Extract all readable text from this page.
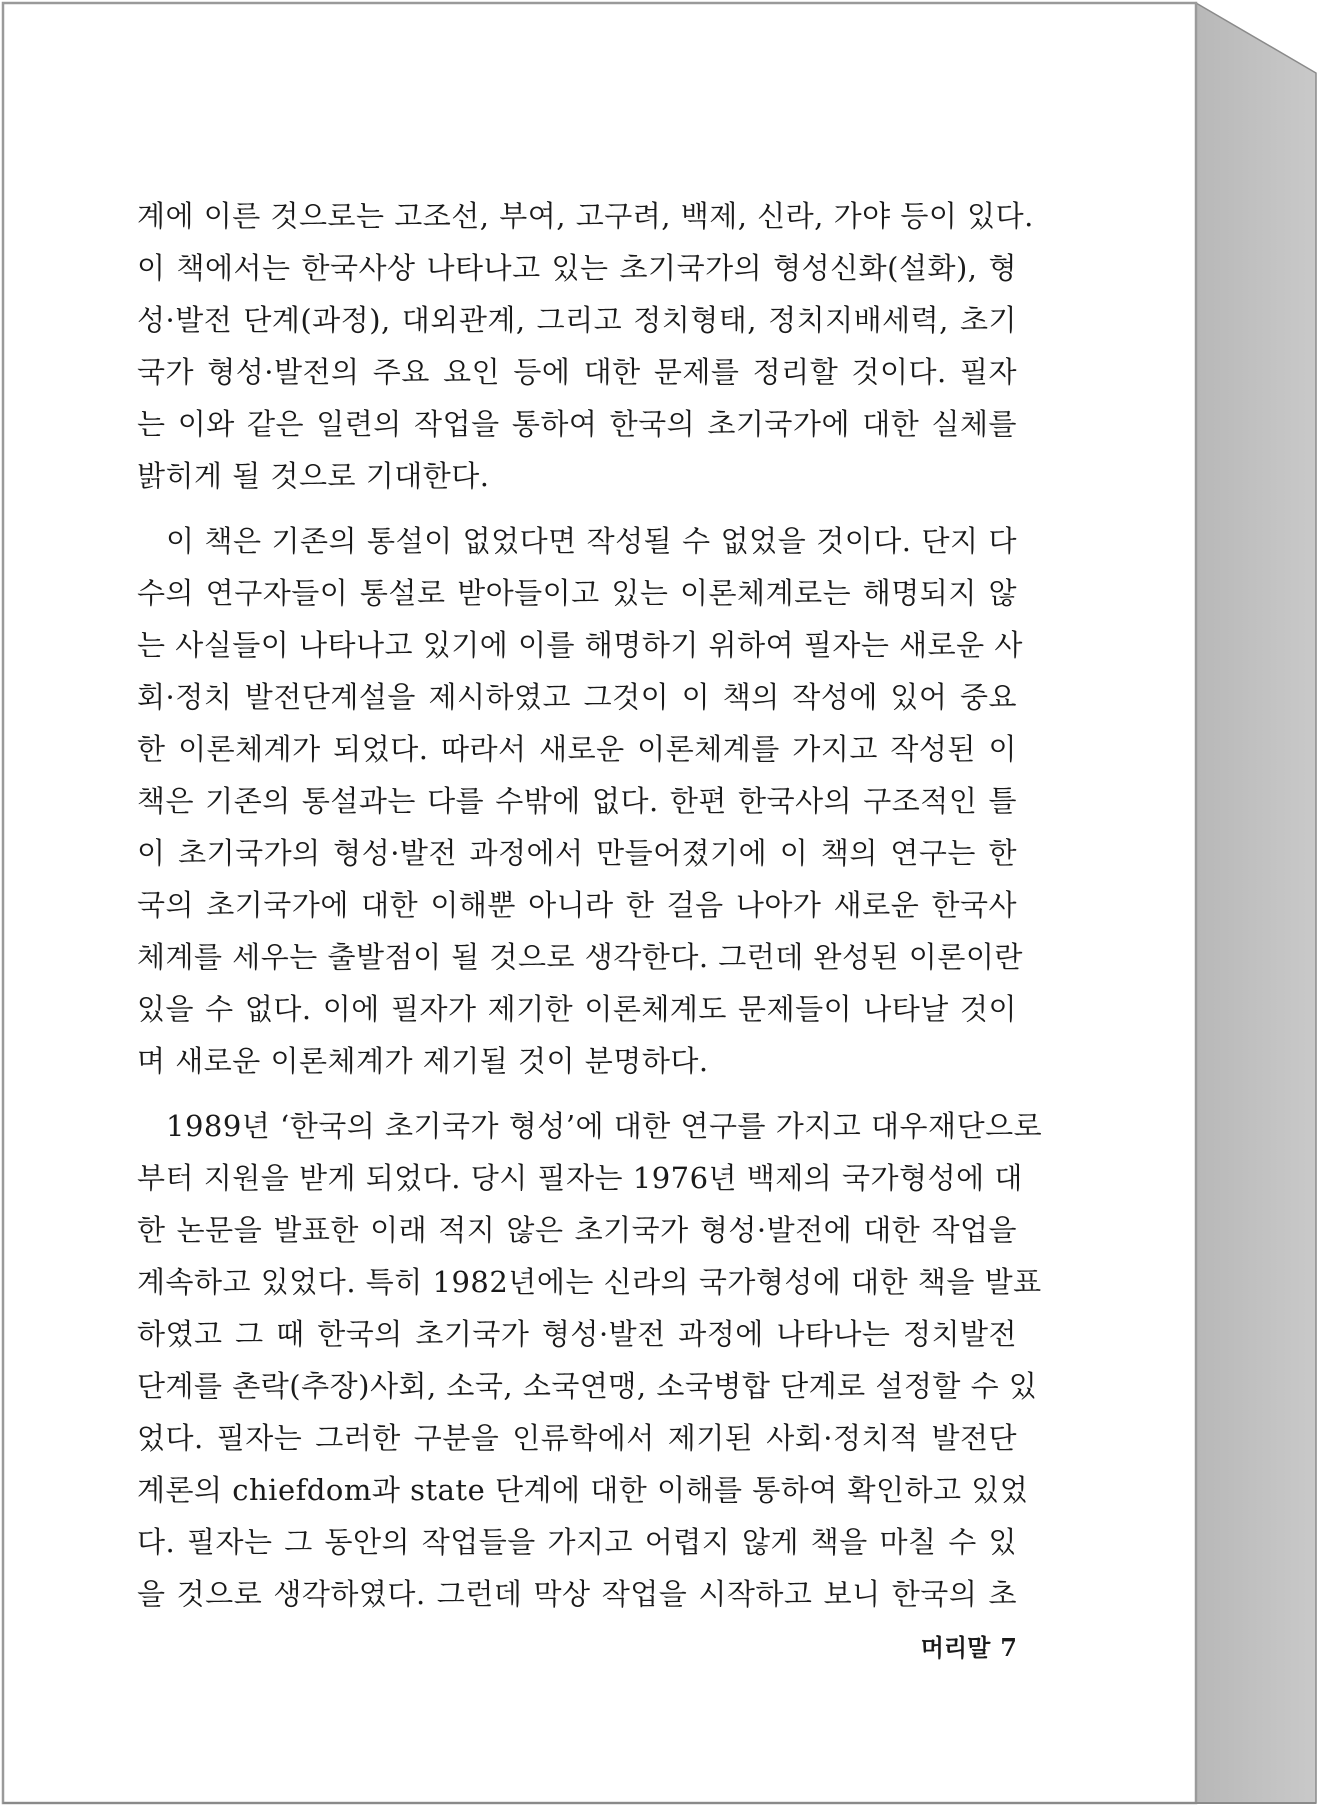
계에 이른 것으로는 고조선, 부여, 고구려, 백제, 신라, 가야 등이 있다.
이 책에서는 한국사상 나타나고 있는 초기국가의 형성신화(설화), 형
성·발전 단계(과정), 대외관계, 그리고 정치형태, 정치지배세력, 초기
국가 형성·발전의 주요 요인 등에 대한 문제를 정리할 것이다. 필자
는 이와 같은 일련의 작업을 통하여 한국의 초기국가에 대한 실체를
밝히게 될 것으로 기대한다.
이 책은 기존의 통설이 없었다면 작성될 수 없었을 것이다. 단지 다
수의 연구자들이 통설로 받아들이고 있는 이론체계로는 해명되지 않
는 사실들이 나타나고 있기에 이를 해명하기 위하여 필자는 새로운 사
회·정치 발전단계설을 제시하였고 그것이 이 책의 작성에 있어 중요
한 이론체계가 되었다. 따라서 새로운 이론체계를 가지고 작성된 이
책은 기존의 통설과는 다를 수밖에 없다. 한편 한국사의 구조적인 틀
이 초기국가의 형성·발전 과정에서 만들어졌기에 이 책의 연구는 한
국의 초기국가에 대한 이해뿐 아니라 한 걸음 나아가 새로운 한국사
체계를 세우는 출발점이 될 것으로 생각한다. 그런데 완성된 이론이란
있을 수 없다. 이에 필자가 제기한 이론체계도 문제들이 나타날 것이
며 새로운 이론체계가 제기될 것이 분명하다.
1989년 ‘한국의 초기국가 형성’에 대한 연구를 가지고 대우재단으로
부터 지원을 받게 되었다. 당시 필자는 1976년 백제의 국가형성에 대
한 논문을 발표한 이래 적지 않은 초기국가 형성·발전에 대한 작업을
계속하고 있었다. 특히 1982년에는 신라의 국가형성에 대한 책을 발표
하였고 그 때 한국의 초기국가 형성·발전 과정에 나타나는 정치발전
단계를 촌락(추장)사회, 소국, 소국연맹, 소국병합 단계로 설정할 수 있
었다. 필자는 그러한 구분을 인류학에서 제기된 사회·정치적 발전단
계론의 chiefdom과 state 단계에 대한 이해를 통하여 확인하고 있었
다. 필자는 그 동안의 작업들을 가지고 어렵지 않게 책을 마칠 수 있
을 것으로 생각하였다. 그런데 막상 작업을 시작하고 보니 한국의 초
머리말 7
